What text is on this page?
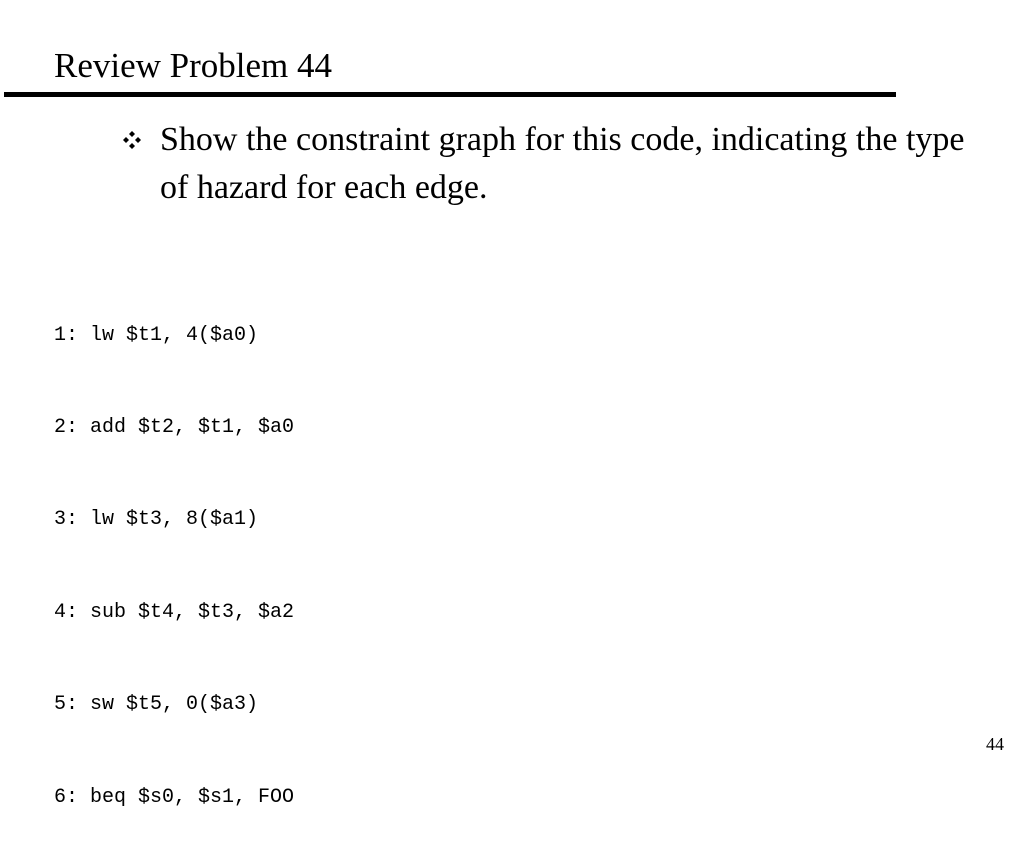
Review Problem 44
Show the constraint graph for this code, indicating the type of hazard for each edge.

1: lw $t1, 4($a0)

2: add $t2, $t1, $a0

3: lw $t3, 8($a1)

4: sub $t4, $t3, $a2

5: sw $t5, 0($a3)

6: beq $s0, $s1, FOO

44
